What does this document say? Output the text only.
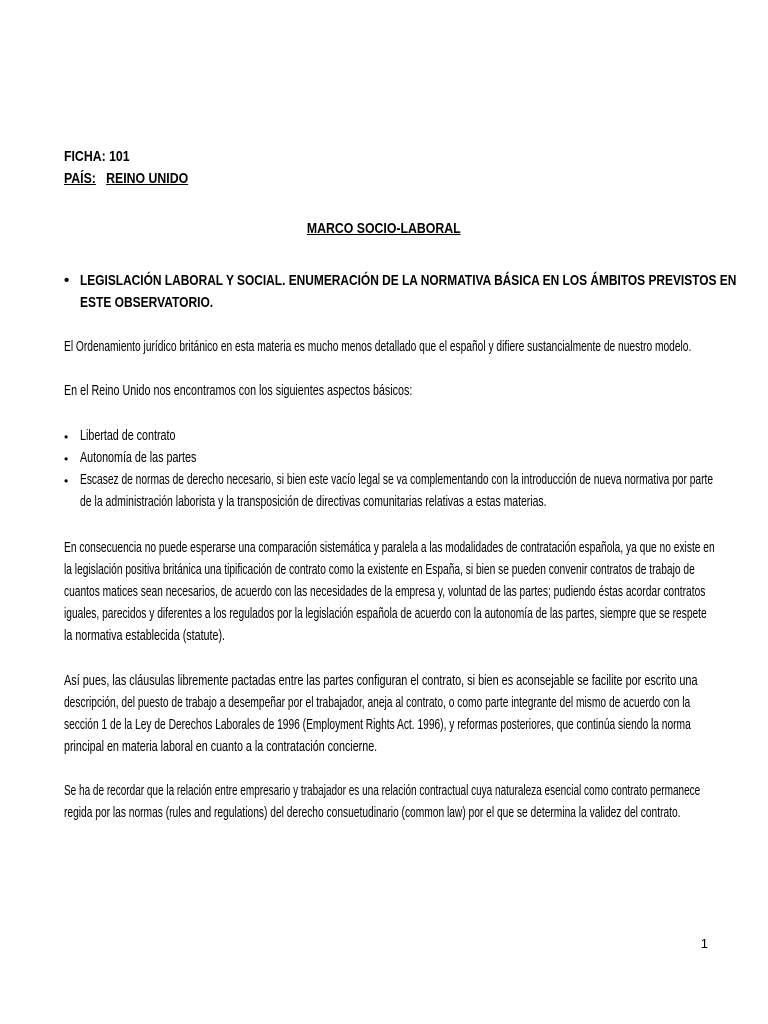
FICHA: 101
PAÍS: REINO UNIDO
MARCO SOCIO-LABORAL
• LEGISLACIÓN LABORAL Y SOCIAL. ENUMERACIÓN DE LA NORMATIVA BÁSICA EN LOS ÁMBITOS PREVISTOS EN
ESTE OBSERVATORIO.
El Ordenamiento jurídico británico en esta materia es mucho menos detallado que el español y difiere sustancialmente de nuestro modelo.
En el Reino Unido nos encontramos con los siguientes aspectos básicos:
• Libertad de contrato
• Autonomía de las partes
• Escasez de normas de derecho necesario, si bien este vacío legal se va complementando con la introducción de nueva normativa por parte
de la administración laborista y la transposición de directivas comunitarias relativas a estas materias.
En consecuencia no puede esperarse una comparación sistemática y paralela a las modalidades de contratación española, ya que no existe en
la legislación positiva británica una tipificación de contrato como la existente en España, si bien se pueden convenir contratos de trabajo de
cuantos matices sean necesarios, de acuerdo con las necesidades de la empresa y, voluntad de las partes; pudiendo éstas acordar contratos
iguales, parecidos y diferentes a los regulados por la legislación española de acuerdo con la autonomía de las partes, siempre que se respete
la normativa establecida (statute).
Así pues, las cláusulas libremente pactadas entre las partes configuran el contrato, si bien es aconsejable se facilite por escrito una
descripción, del puesto de trabajo a desempeñar por el trabajador, aneja al contrato, o como parte integrante del mismo de acuerdo con la
sección 1 de la Ley de Derechos Laborales de 1996 (Employment Rights Act. 1996), y reformas posteriores, que continúa siendo la norma
principal en materia laboral en cuanto a la contratación concierne.
Se ha de recordar que la relación entre empresario y trabajador es una relación contractual cuya naturaleza esencial como contrato permanece
regida por las normas (rules and regulations) del derecho consuetudinario (common law) por el que se determina la validez del contrato.
1
